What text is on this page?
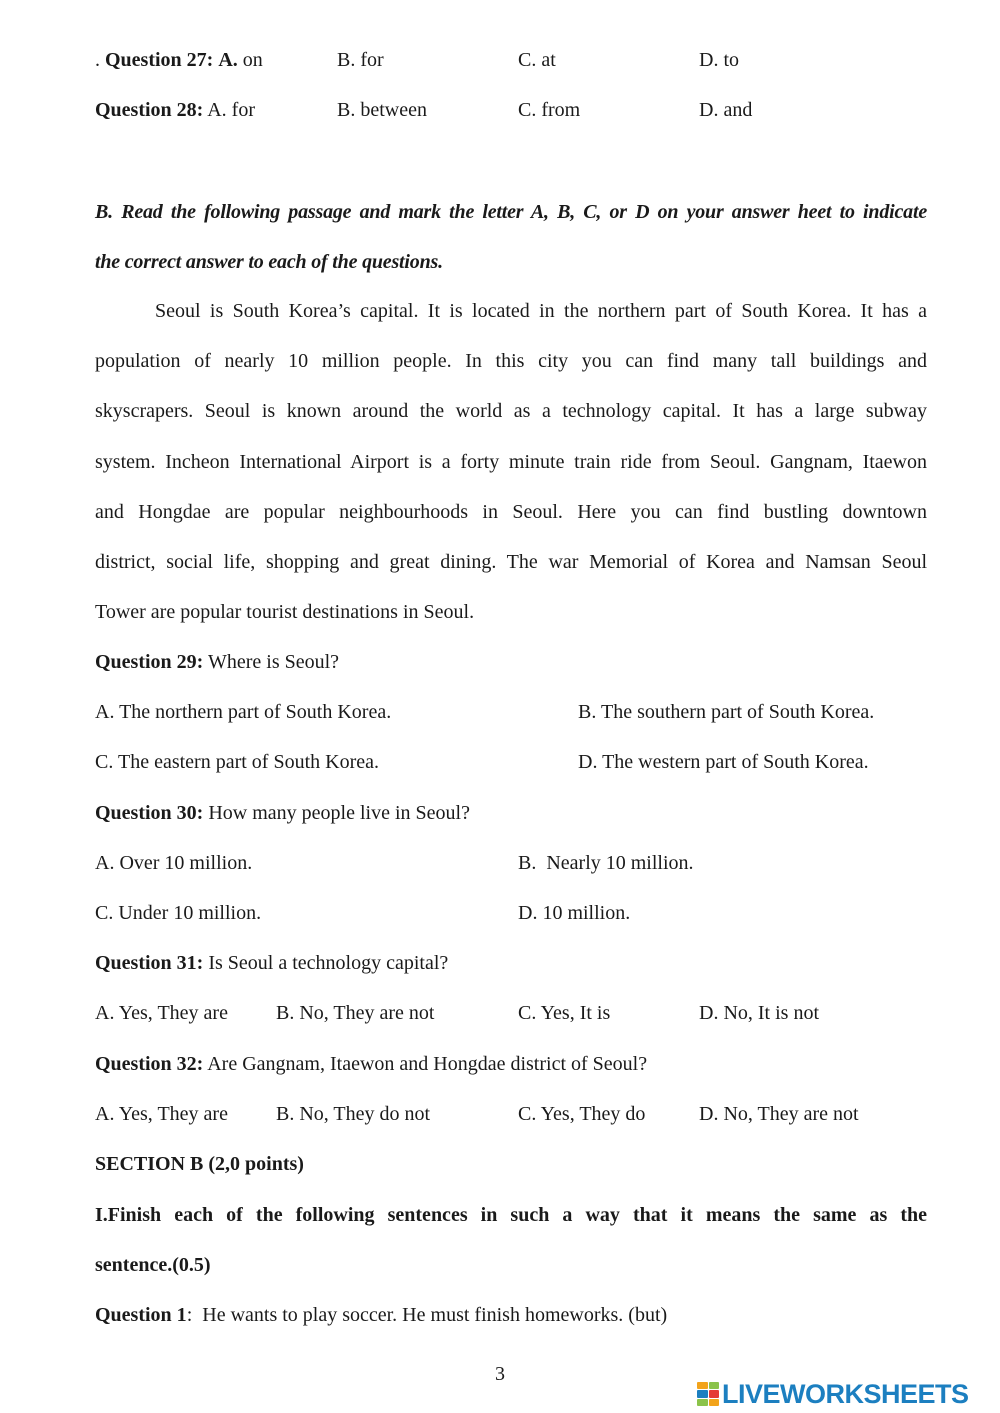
. Question 27: A. on	B. for	C. at	D. to
Question 28: A. for	B. between	C. from	D. and
B. Read the following passage and mark the letter A, B, C, or D on your answer heet to indicate
the correct answer to each of the questions.
Seoul is South Korea’s capital. It is located in the northern part of South Korea. It has a
population of nearly 10 million people. In this city you can find many tall buildings and
skyscrapers. Seoul is known around the world as a technology capital. It has a large subway
system. Incheon International Airport is a forty minute train ride from Seoul. Gangnam, Itaewon
and Hongdae are popular neighbourhoods in Seoul. Here you can find bustling downtown
district, social life, shopping and great dining. The war Memorial of Korea and Namsan Seoul
Tower are popular tourist destinations in Seoul.
Question 29: Where is Seoul?
A. The northern part of South Korea.	B. The southern part of South Korea.
C. The eastern part of South Korea.	D. The western part of South Korea.
Question 30: How many people live in Seoul?
A. Over 10 million.	B.  Nearly 10 million.
C. Under 10 million.	D. 10 million.
Question 31: Is Seoul a technology capital?
A. Yes, They are B. No, They are not	C. Yes, It is	D. No, It is not
Question 32: Are Gangnam, Itaewon and Hongdae district of Seoul?
A. Yes, They are B. No, They do not	C. Yes, They do	D. No, They are not
SECTION B (2,0 points)
I.Finish each of the following sentences in such a way that it means the same as the
sentence.(0.5)
Question 1:  He wants to play soccer. He must finish homeworks. (but)
3
LIVEWORKSHEETS
